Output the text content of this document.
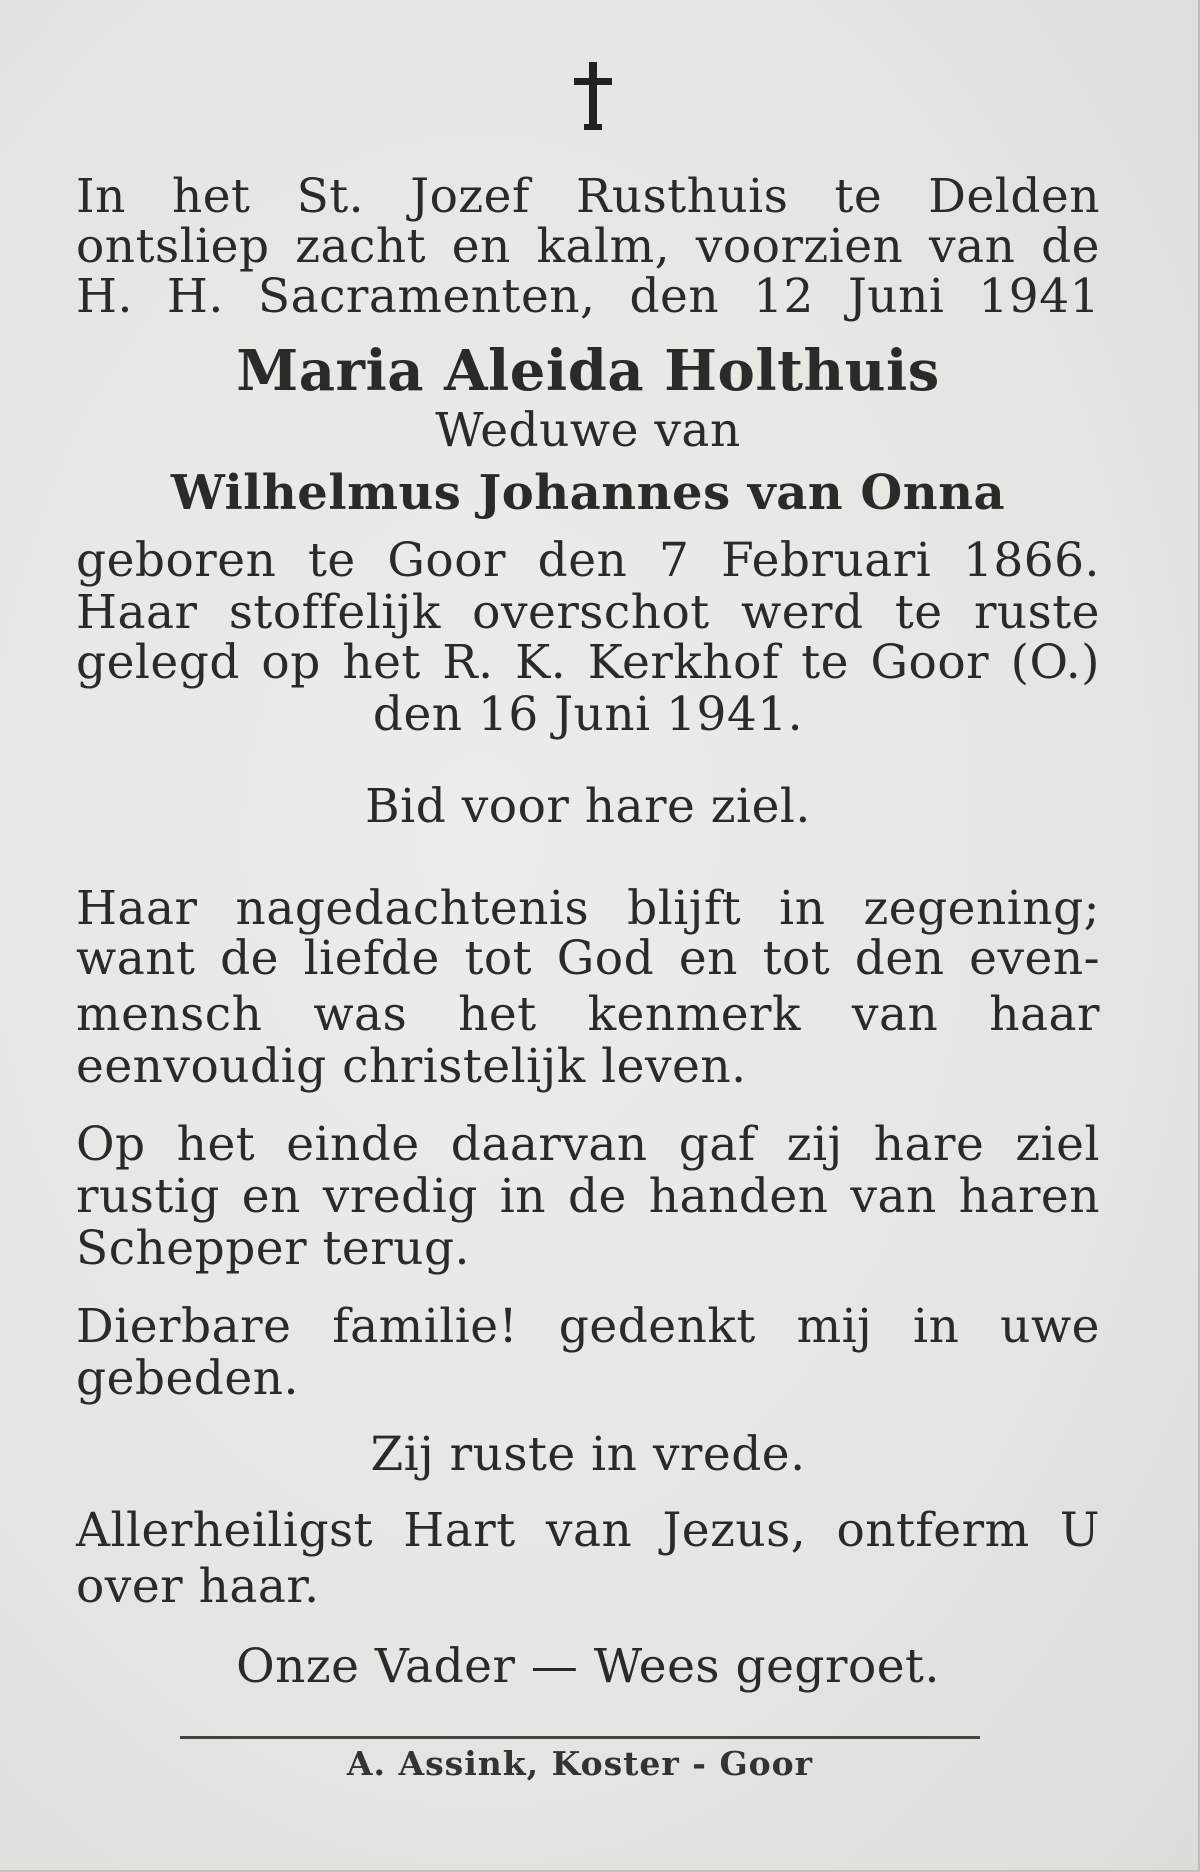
In het St. Jozef Rusthuis te Delden
ontsliep zacht en kalm, voorzien van de
H. H. Sacramenten, den 12 Juni 1941
Maria Aleida Holthuis
Weduwe van
Wilhelmus Johannes van Onna
geboren te Goor den 7 Februari 1866.
Haar stoffelijk overschot werd te ruste
gelegd op het R. K. Kerkhof te Goor (O.)
den 16 Juni 1941.
Bid voor hare ziel.
Haar nagedachtenis blijft in zegening;
want de liefde tot God en tot den even-
mensch was het kenmerk van haar
eenvoudig christelijk leven.
Op het einde daarvan gaf zij hare ziel
rustig en vredig in de handen van haren
Schepper terug.
Dierbare familie! gedenkt mij in uwe
gebeden.
Zij ruste in vrede.
Allerheiligst Hart van Jezus, ontferm U
over haar.
Onze Vader — Wees gegroet.
A. Assink, Koster - Goor
